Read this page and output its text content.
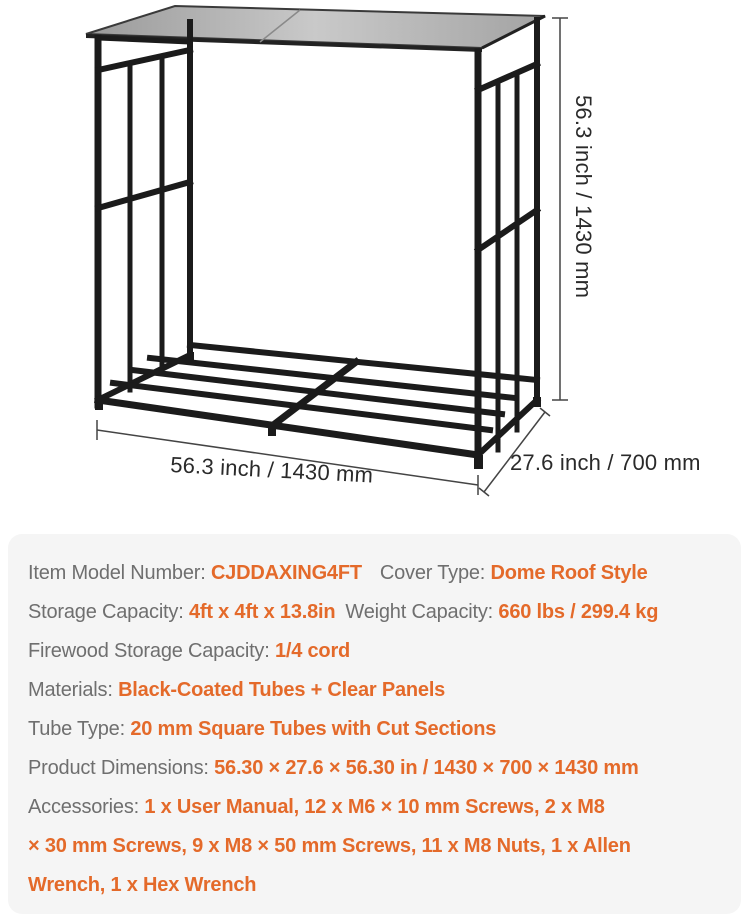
56.3 inch / 1430 mm	27.6 inch / 700 mm
56.3 inch / 1430 mm
Item Model Number: CJDDAXING4FT Cover Type: Dome Roof Style
Storage Capacity: 4ft x 4ft x 13.8in Weight Capacity: 660 lbs / 299.4 kg
Firewood Storage Capacity: 1/4 cord
Materials: Black-Coated Tubes + Clear Panels
Tube Type: 20 mm Square Tubes with Cut Sections
Product Dimensions: 56.30 × 27.6 × 56.30 in / 1430 × 700 × 1430 mm
Accessories: 1 x User Manual, 12 x M6 × 10 mm Screws, 2 x M8
× 30 mm Screws, 9 x M8 × 50 mm Screws, 11 x M8 Nuts, 1 x Allen
Wrench, 1 x Hex Wrench
